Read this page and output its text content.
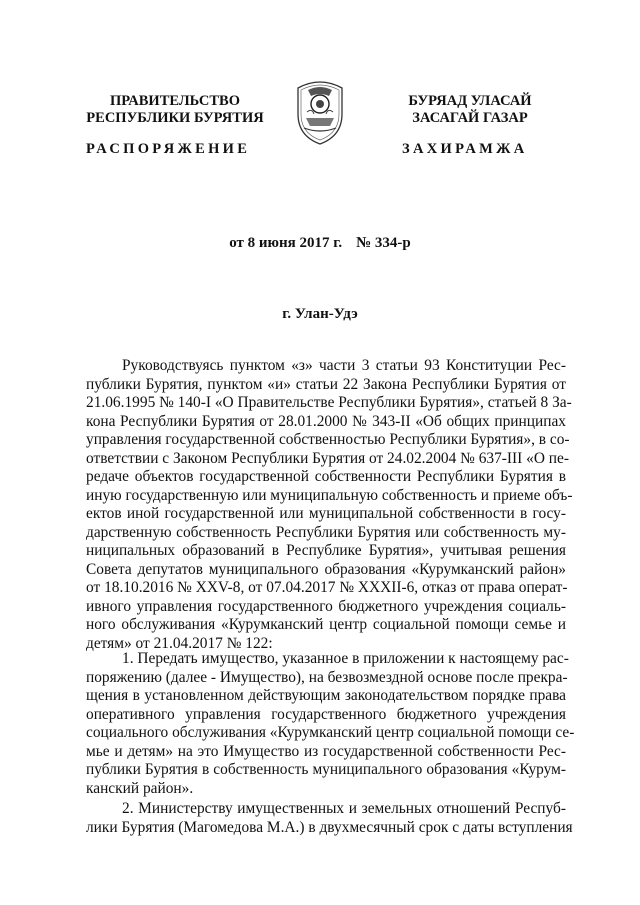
ПРАВИТЕЛЬСТВО
РЕСПУБЛИКИ БУРЯТИЯ
БУРЯАД УЛАСАЙ
ЗАСАГАЙ ГАЗАР
РАСПОРЯЖЕНИЕ	ЗАХИРАМЖА
от 8 июня 2017 г. № 334-р
г. Улан-Удэ
Руководствуясь пунктом «з» части 3 статьи 93 Конституции Рес-
публики Бурятия, пунктом «и» статьи 22 Закона Республики Бурятия от
21.06.1995 № 140-I «О Правительстве Республики Бурятия», статьей 8 За-
кона Республики Бурятия от 28.01.2000 № 343-II «Об общих принципах
управления государственной собственностью Республики Бурятия», в со-
ответствии с Законом Республики Бурятия от 24.02.2004 № 637-III «О пе-
редаче объектов государственной собственности Республики Бурятия в
иную государственную или муниципальную собственность и приеме объ-
ектов иной государственной или муниципальной собственности в госу-
дарственную собственность Республики Бурятия или собственность му-
ниципальных образований в Республике Бурятия», учитывая решения
Совета депутатов муниципального образования «Курумканский район»
от 18.10.2016 № XXV-8, от 07.04.2017 № XXXII-6, отказ от права операт-
ивного управления государственного бюджетного учреждения социаль-
ного обслуживания «Курумканский центр социальной помощи семье и
детям» от 21.04.2017 № 122:
1. Передать имущество, указанное в приложении к настоящему рас-
поряжению (далее - Имущество), на безвозмездной основе после прекра-
щения в установленном действующим законодательством порядке права
оперативного управления государственного бюджетного учреждения
социального обслуживания «Курумканский центр социальной помощи се-
мье и детям» на это Имущество из государственной собственности Рес-
публики Бурятия в собственность муниципального образования «Курум-
канский район».
2. Министерству имущественных и земельных отношений Респуб-
лики Бурятия (Магомедова М.А.) в двухмесячный срок с даты вступления
